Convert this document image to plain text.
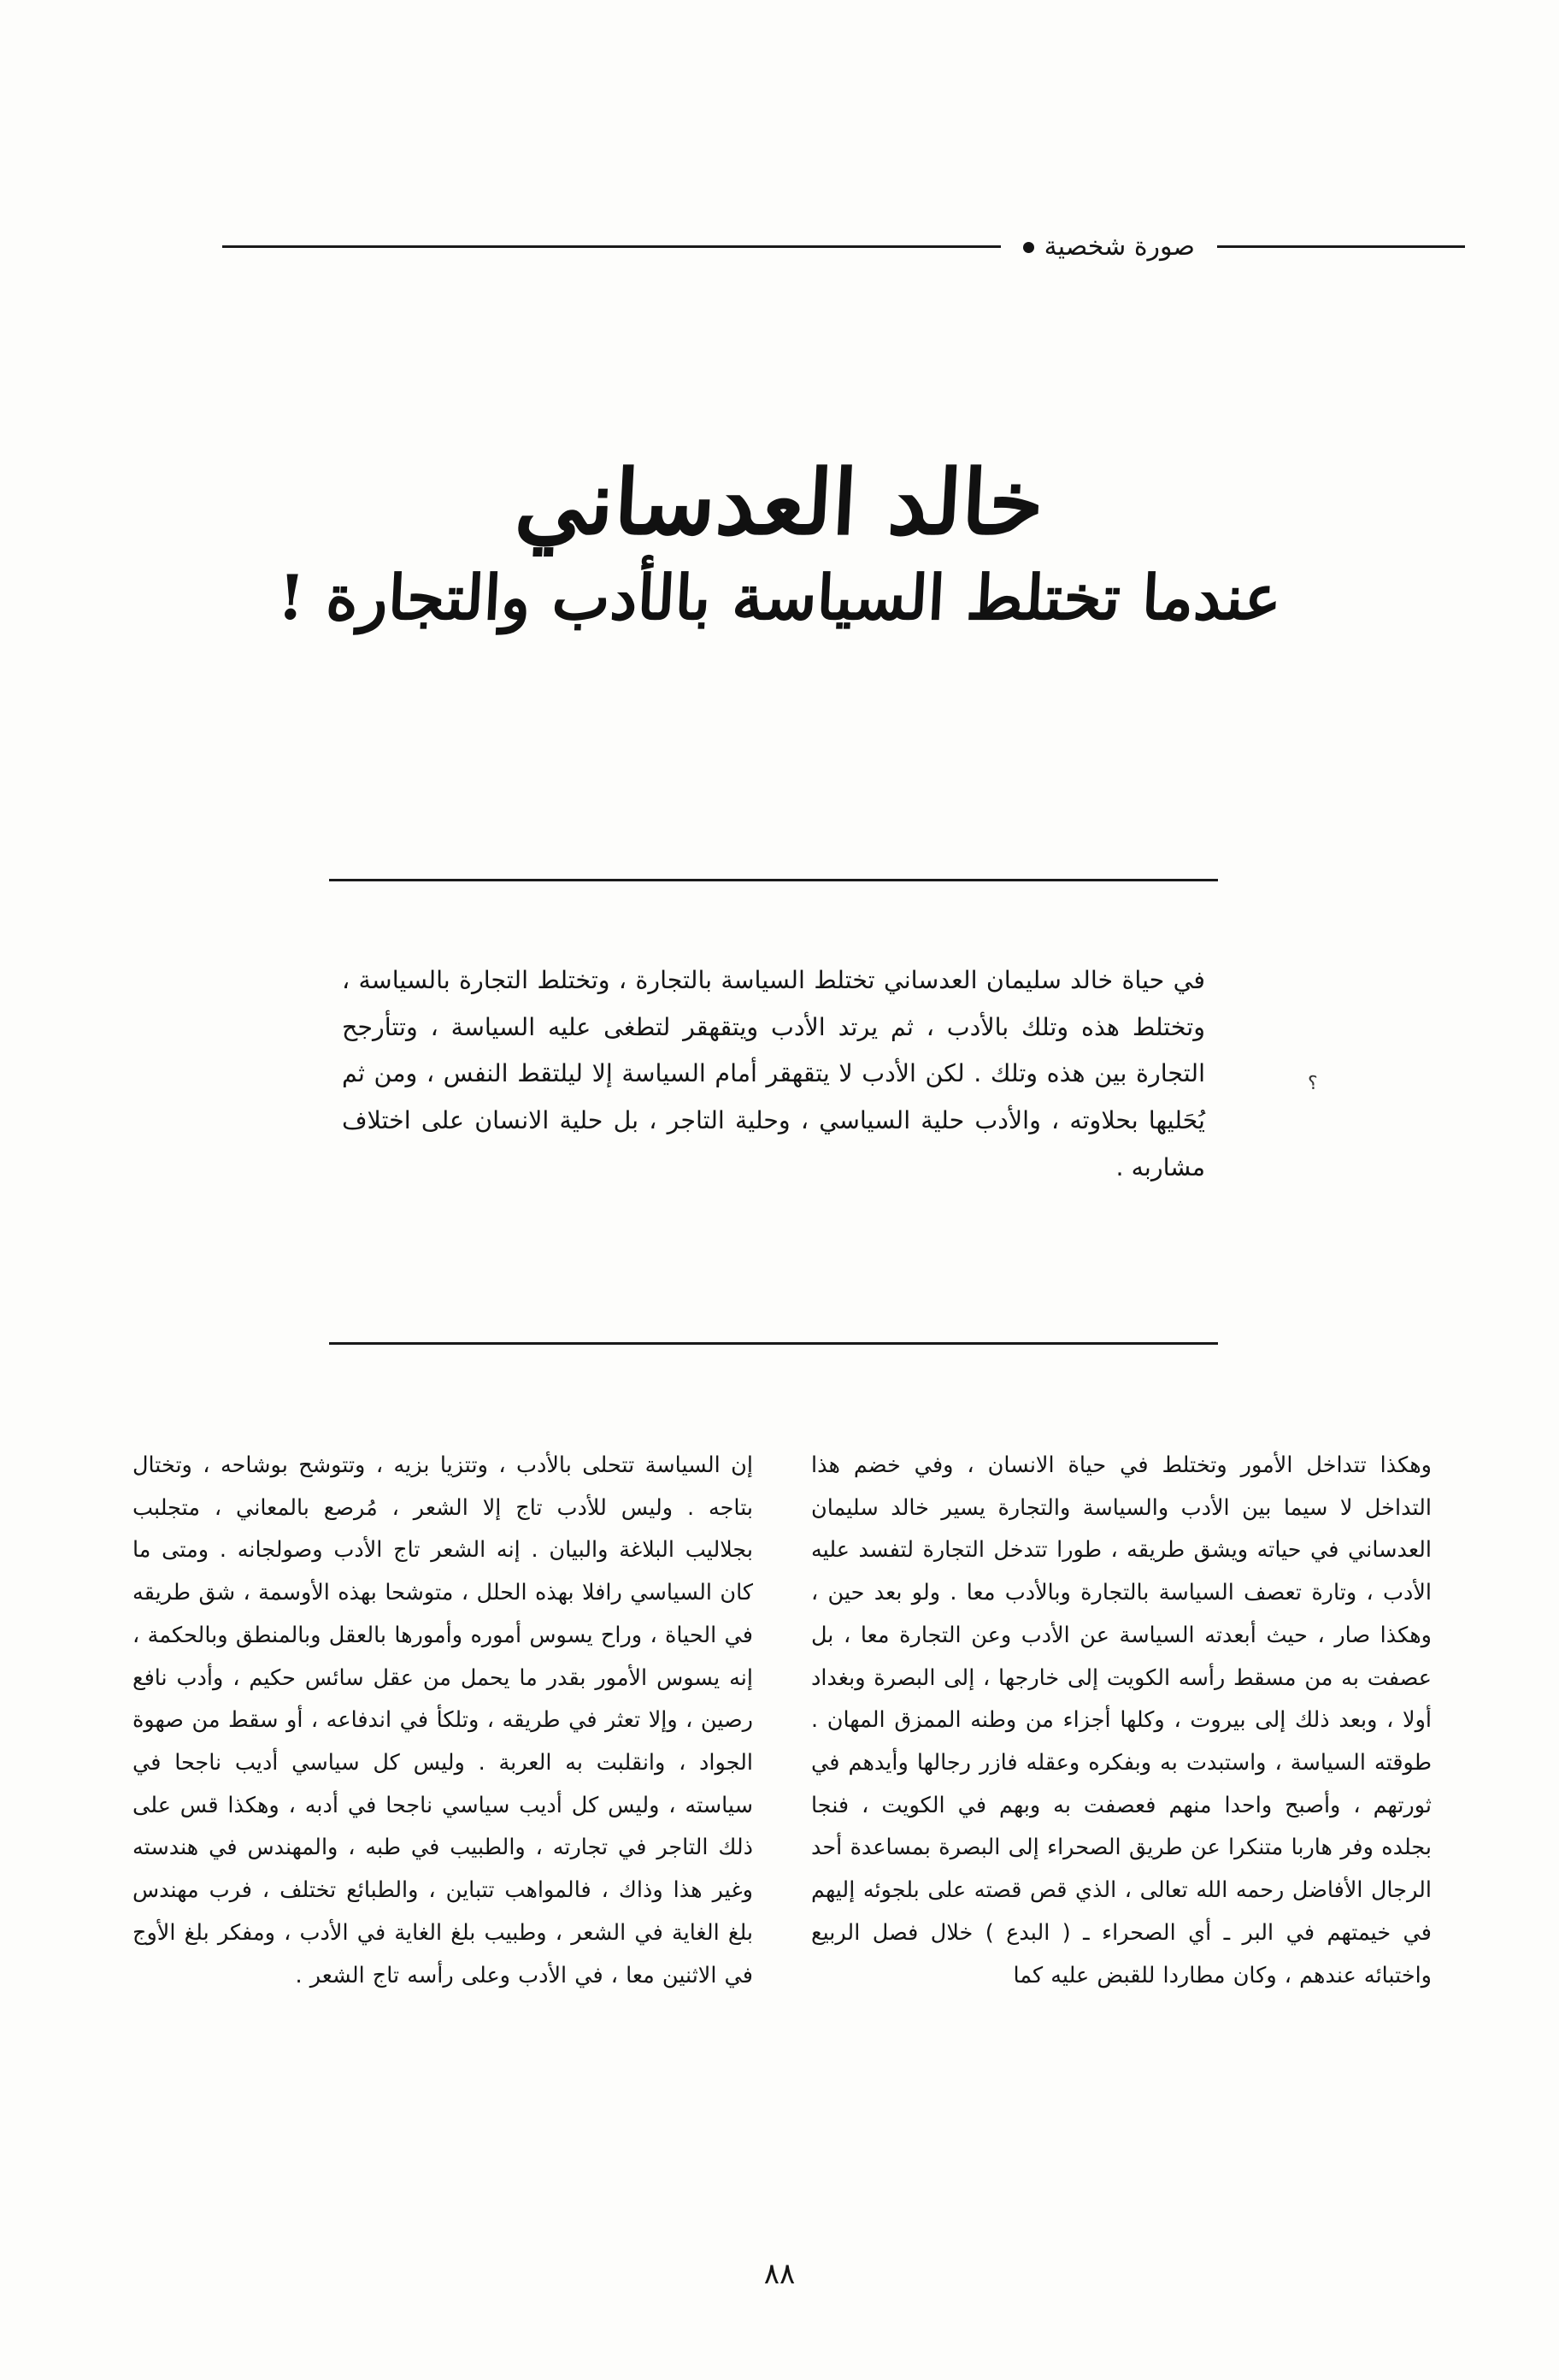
صورة شخصية
خالد العدساني
عندما تختلط السياسة بالأدب والتجارة !

في حياة خالد سليمان العدساني تختلط السياسة بالتجارة ، وتختلط التجارة بالسياسة ، وتختلط هذه وتلك بالأدب ، ثم يرتد الأدب ويتقهقر لتطغى عليه السياسة ، وتتأرجح التجارة بين هذه وتلك . لكن الأدب لا يتقهقر أمام السياسة إلا ليلتقط النفس ، ومن ثم يُحَليها بحلاوته ، والأدب حلية السياسي ، وحلية التاجر ، بل حلية الانسان على اختلاف مشاربه .

؟

وهكذا تتداخل الأمور وتختلط في حياة الانسان ، وفي خضم هذا التداخل لا سيما بين الأدب والسياسة والتجارة يسير خالد سليمان العدساني في حياته ويشق طريقه ، طورا تتدخل التجارة لتفسد عليه الأدب ، وتارة تعصف السياسة بالتجارة وبالأدب معا . ولو بعد حين ، وهكذا صار ، حيث أبعدته السياسة عن الأدب وعن التجارة معا ، بل عصفت به من مسقط رأسه الكويت إلى خارجها ، إلى البصرة وبغداد أولا ، وبعد ذلك إلى بيروت ، وكلها أجزاء من وطنه الممزق المهان . طوقته السياسة ، واستبدت به وبفكره وعقله فازر رجالها وأيدهم في ثورتهم ، وأصبح واحدا منهم فعصفت به وبهم في الكويت ، فنجا بجلده وفر هاربا متنكرا عن طريق الصحراء إلى البصرة بمساعدة أحد الرجال الأفاضل رحمه الله تعالى ، الذي قص قصته على بلجوئه إليهم في خيمتهم في البر ـ أي الصحراء ـ ( البدع ) خلال فصل الربيع واختبائه عندهم ، وكان مطاردا للقبض عليه كما

إن السياسة تتحلى بالأدب ، وتتزيا بزيه ، وتتوشح بوشاحه ، وتختال بتاجه . وليس للأدب تاج إلا الشعر ، مُرصع بالمعاني ، متجلبب بجلاليب البلاغة والبيان . إنه الشعر تاج الأدب وصولجانه . ومتى ما كان السياسي رافلا بهذه الحلل ، متوشحا بهذه الأوسمة ، شق طريقه في الحياة ، وراح يسوس أموره وأمورها بالعقل وبالمنطق وبالحكمة ، إنه يسوس الأمور بقدر ما يحمل من عقل سائس حكيم ، وأدب نافع رصين ، وإلا تعثر في طريقه ، وتلكأ في اندفاعه ، أو سقط من صهوة الجواد ، وانقلبت به العربة . وليس كل سياسي أديب ناجحا في سياسته ، وليس كل أديب سياسي ناجحا في أدبه ، وهكذا قس على ذلك التاجر في تجارته ، والطبيب في طبه ، والمهندس في هندسته وغير هذا وذاك ، فالمواهب تتباين ، والطبائع تختلف ، فرب مهندس بلغ الغاية في الشعر ، وطبيب بلغ الغاية في الأدب ، ومفكر بلغ الأوج في الاثنين معا ، في الأدب وعلى رأسه تاج الشعر .

٨٨
